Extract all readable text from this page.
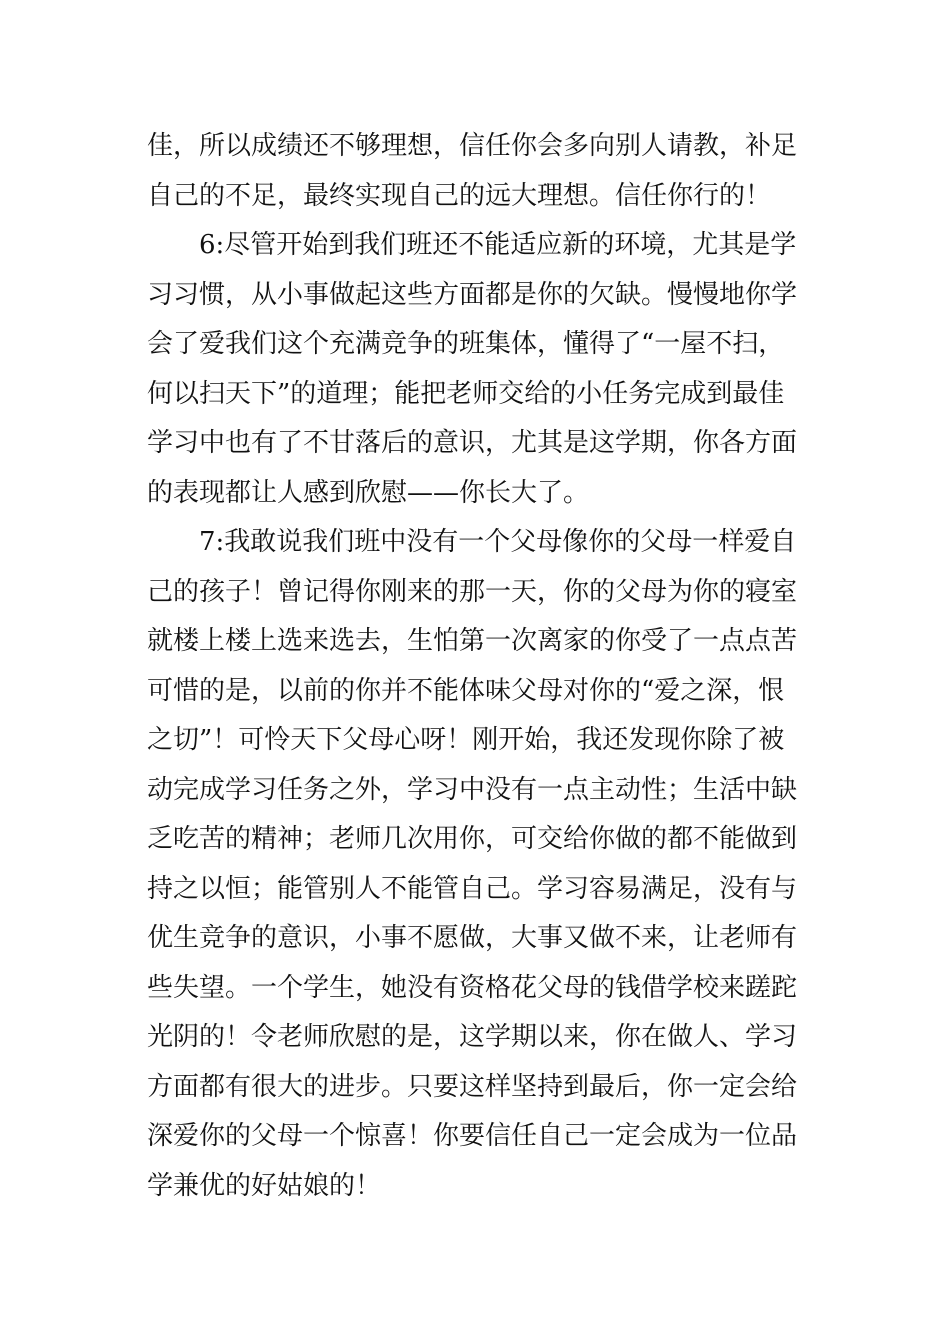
佳，所以成绩还不够理想，信任你会多向别人请教，补足
自己的不足，最终实现自己的远大理想。信任你行的！
6:尽管开始到我们班还不能适应新的环境，尤其是学
习习惯，从小事做起这些方面都是你的欠缺。慢慢地你学
会了爱我们这个充满竞争的班集体，懂得了“一屋不扫，
何以扫天下”的道理；能把老师交给的小任务完成到最佳
学习中也有了不甘落后的意识，尤其是这学期，你各方面
的表现都让人感到欣慰——你长大了。
7:我敢说我们班中没有一个父母像你的父母一样爱自
己的孩子！曾记得你刚来的那一天，你的父母为你的寝室
就楼上楼上选来选去，生怕第一次离家的你受了一点点苦
可惜的是，以前的你并不能体味父母对你的“爱之深，恨
之切”！可怜天下父母心呀！刚开始，我还发现你除了被
动完成学习任务之外，学习中没有一点主动性；生活中缺
乏吃苦的精神；老师几次用你，可交给你做的都不能做到
持之以恒；能管别人不能管自己。学习容易满足，没有与
优生竞争的意识，小事不愿做，大事又做不来，让老师有
些失望。一个学生，她没有资格花父母的钱借学校来蹉跎
光阴的！令老师欣慰的是，这学期以来，你在做人、学习
方面都有很大的进步。只要这样坚持到最后，你一定会给
深爱你的父母一个惊喜！你要信任自己一定会成为一位品
学兼优的好姑娘的！
